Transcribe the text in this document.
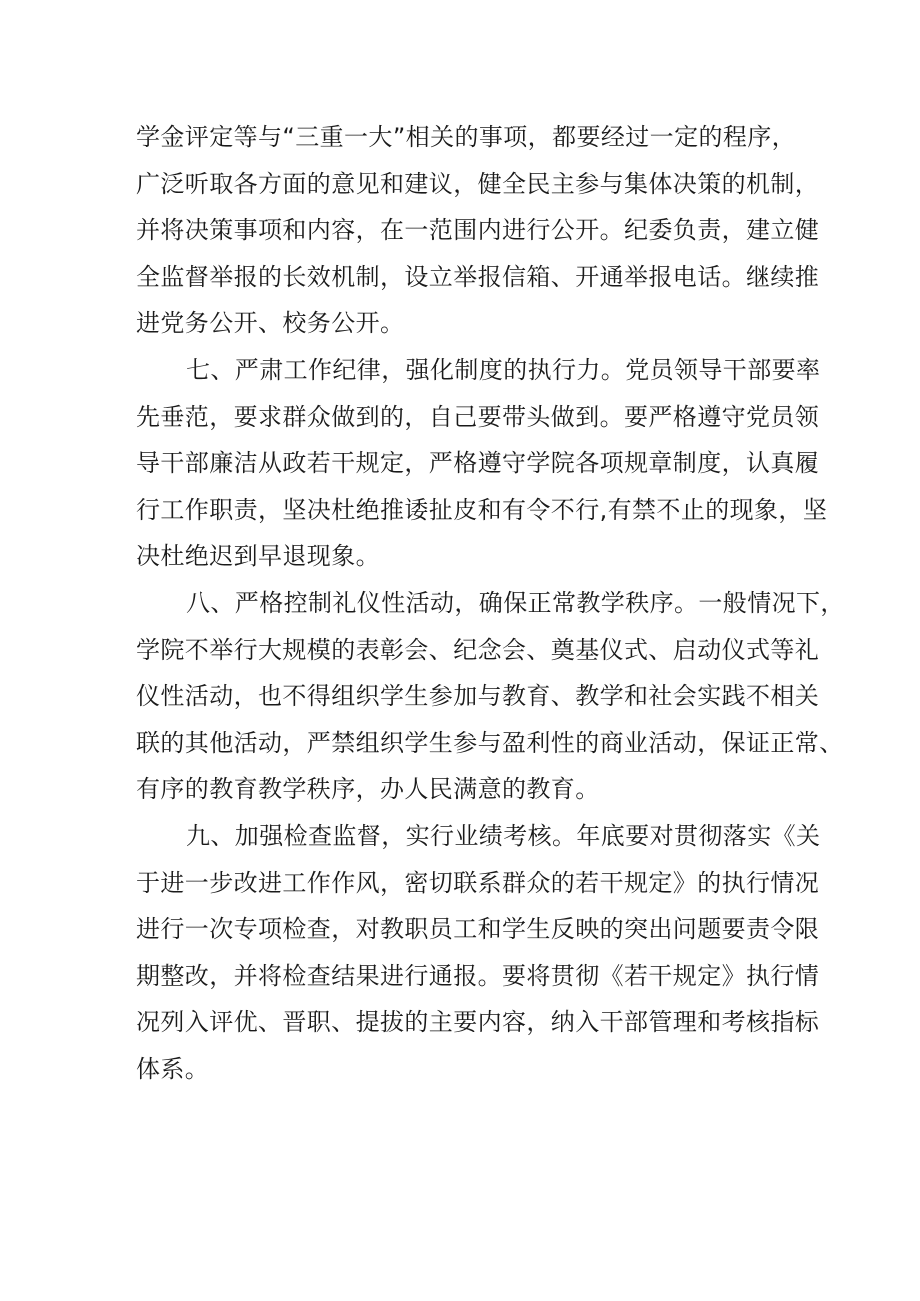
学金评定等与“三重一大”相关的事项，都要经过一定的程序，
广泛听取各方面的意见和建议，健全民主参与集体决策的机制，
并将决策事项和内容，在一范围内进行公开。纪委负责，建立健
全监督举报的长效机制，设立举报信箱、开通举报电话。继续推
进党务公开、校务公开。
七、严肃工作纪律，强化制度的执行力。党员领导干部要率
先垂范，要求群众做到的，自己要带头做到。要严格遵守党员领
导干部廉洁从政若干规定，严格遵守学院各项规章制度，认真履
行工作职责，坚决杜绝推诿扯皮和有令不行,有禁不止的现象，坚
决杜绝迟到早退现象。
八、严格控制礼仪性活动，确保正常教学秩序。一般情况下，
学院不举行大规模的表彰会、纪念会、奠基仪式、启动仪式等礼
仪性活动，也不得组织学生参加与教育、教学和社会实践不相关
联的其他活动，严禁组织学生参与盈利性的商业活动，保证正常、
有序的教育教学秩序，办人民满意的教育。
九、加强检查监督，实行业绩考核。年底要对贯彻落实《关
于进一步改进工作作风，密切联系群众的若干规定》的执行情况
进行一次专项检查，对教职员工和学生反映的突出问题要责令限
期整改，并将检查结果进行通报。要将贯彻《若干规定》执行情
况列入评优、晋职、提拔的主要内容，纳入干部管理和考核指标
体系。
